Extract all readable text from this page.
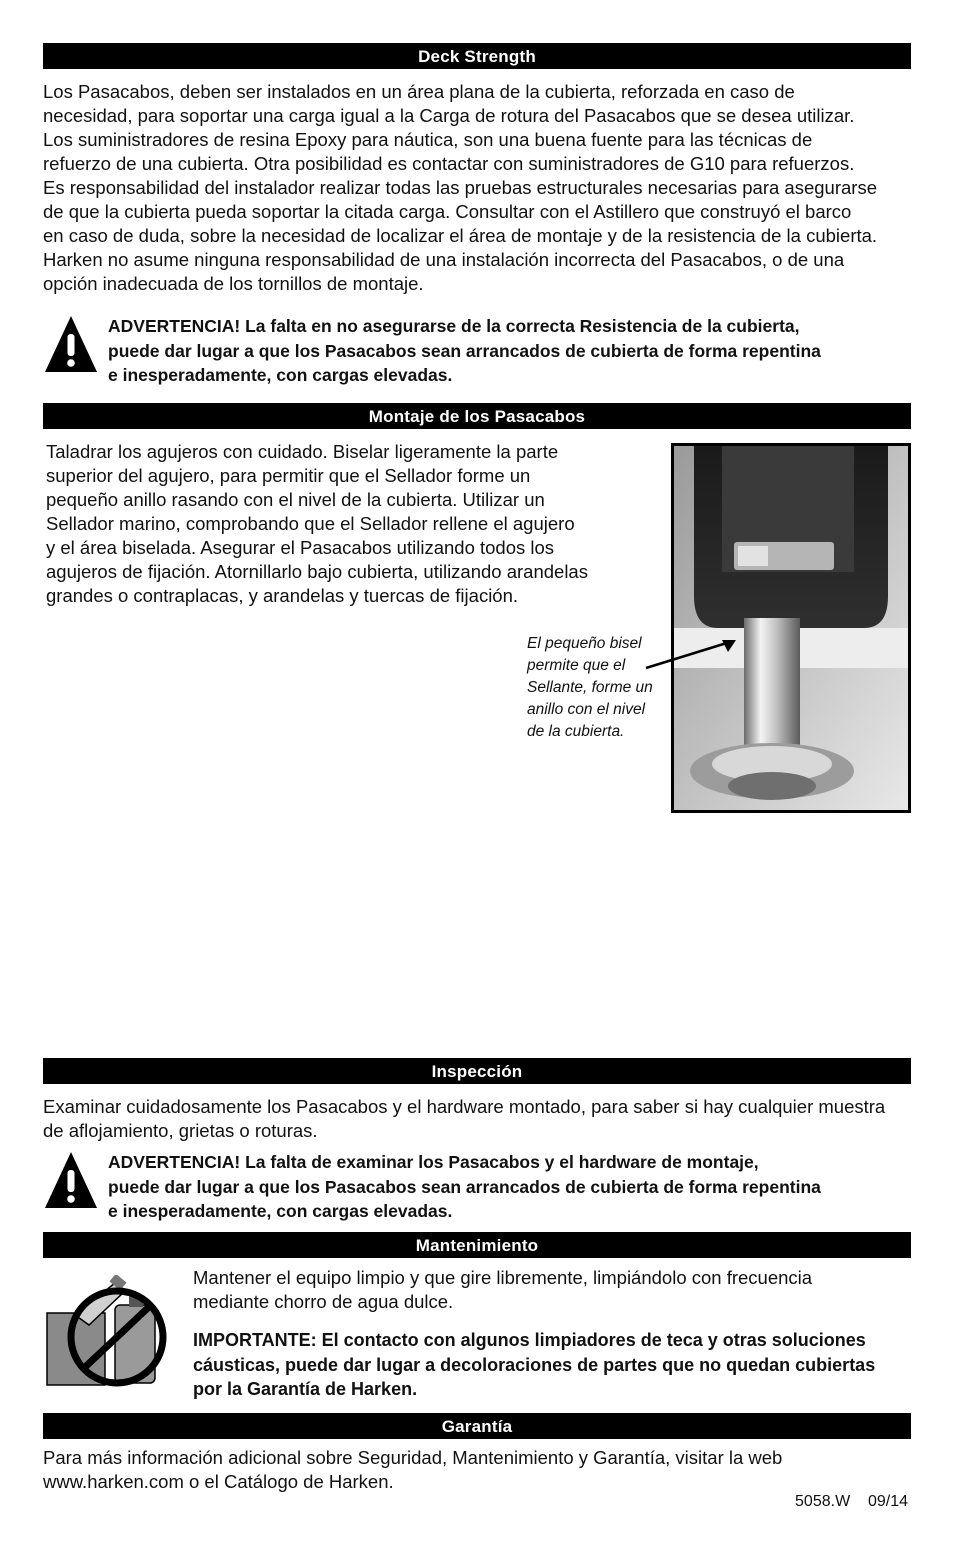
Deck Strength
Los Pasacabos, deben ser instalados en un área plana de la cubierta, reforzada en caso de
necesidad, para soportar una carga igual a la Carga de rotura del Pasacabos que se desea utilizar.
Los suministradores de resina Epoxy para náutica, son una buena fuente para las técnicas de
refuerzo de una cubierta. Otra posibilidad es contactar con suministradores de G10 para refuerzos.
Es responsabilidad del instalador realizar todas las pruebas estructurales necesarias para asegurarse
de que la cubierta pueda soportar la citada carga. Consultar con el Astillero que construyó el barco
en caso de duda, sobre la necesidad de localizar el área de montaje y de la resistencia de la cubierta.
Harken no asume ninguna responsabilidad de una instalación incorrecta del Pasacabos, o de una
opción inadecuada de los tornillos de montaje.
ADVERTENCIA! La falta en no asegurarse de la correcta Resistencia de la cubierta,
puede dar lugar a que los Pasacabos sean arrancados de cubierta de forma repentina
e inesperadamente, con cargas elevadas.
Montaje de los Pasacabos
Taladrar los agujeros con cuidado. Biselar ligeramente la parte
superior del agujero, para permitir que el Sellador forme un
pequeño anillo rasando con el nivel de la cubierta. Utilizar un
Sellador marino, comprobando que el Sellador rellene el agujero
y el área biselada. Asegurar el Pasacabos utilizando todos los
agujeros de fijación. Atornillarlo bajo cubierta, utilizando arandelas
grandes o contraplacas, y arandelas y tuercas de fijación.
El pequeño bisel
permite que el
Sellante, forme un
anillo con el nivel
de la cubierta.
Inspección
Examinar cuidadosamente los Pasacabos y el hardware montado, para saber si hay cualquier muestra
de aflojamiento, grietas o roturas.
ADVERTENCIA! La falta de examinar los Pasacabos y el hardware de montaje,
puede dar lugar a que los Pasacabos sean arrancados de cubierta de forma repentina
e inesperadamente, con cargas elevadas.
Mantenimiento
Mantener el equipo limpio y que gire libremente, limpiándolo con frecuencia
mediante chorro de agua dulce.
IMPORTANTE: El contacto con algunos limpiadores de teca y otras soluciones
cáusticas, puede dar lugar a decoloraciones de partes que no quedan cubiertas
por la Garantía de Harken.
Garantía
Para más información adicional sobre Seguridad, Mantenimiento y Garantía, visitar la web
www.harken.com o el Catálogo de Harken.
5058.W    09/14
